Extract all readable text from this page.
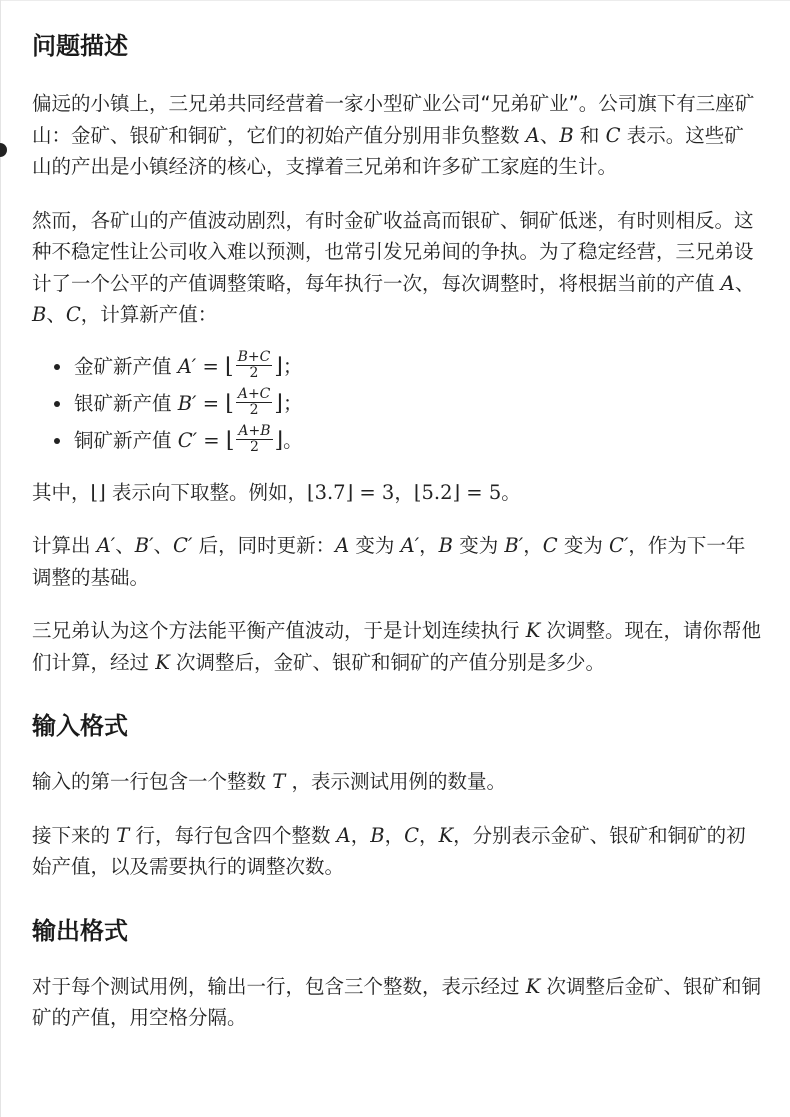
问题描述

偏远的小镇上，三兄弟共同经营着一家小型矿业公司“兄弟矿业”。公司旗下有三座矿山：金矿、银矿和铜矿，它们的初始产值分别用非负整数 A、B 和 C 表示。这些矿山的产出是小镇经济的核心，支撑着三兄弟和许多矿工家庭的生计。

然而，各矿山的产值波动剧烈，有时金矿收益高而银矿、铜矿低迷，有时则相反。这种不稳定性让公司收入难以预测，也常引发兄弟间的争执。为了稳定经营，三兄弟设计了一个公平的产值调整策略，每年执行一次，每次调整时，将根据当前的产值 A、B、C，计算新产值：

金矿新产值 A′ = ⌊ $\frac{B+C}{2}$ ⌋；
银矿新产值 B′ = ⌊ $\frac{A+C}{2}$ ⌋；
铜矿新产值 C′ = ⌊ $\frac{A+B}{2}$ ⌋。

其中，⌊⌋ 表示向下取整。例如，⌊3.7⌋ = 3，⌊5.2⌋ = 5。

计算出 A′、B′、C′ 后，同时更新：A 变为 A′，B 变为 B′，C 变为 C′，作为下一年调整的基础。

三兄弟认为这个方法能平衡产值波动，于是计划连续执行 K 次调整。现在，请你帮他们计算，经过 K 次调整后，金矿、银矿和铜矿的产值分别是多少。

输入格式

输入的第一行包含一个整数 T ，表示测试用例的数量。

接下来的 T 行，每行包含四个整数 A，B，C，K，分别表示金矿、银矿和铜矿的初始产值，以及需要执行的调整次数。

输出格式

对于每个测试用例，输出一行，包含三个整数，表示经过 K 次调整后金矿、银矿和铜矿的产值，用空格分隔。
